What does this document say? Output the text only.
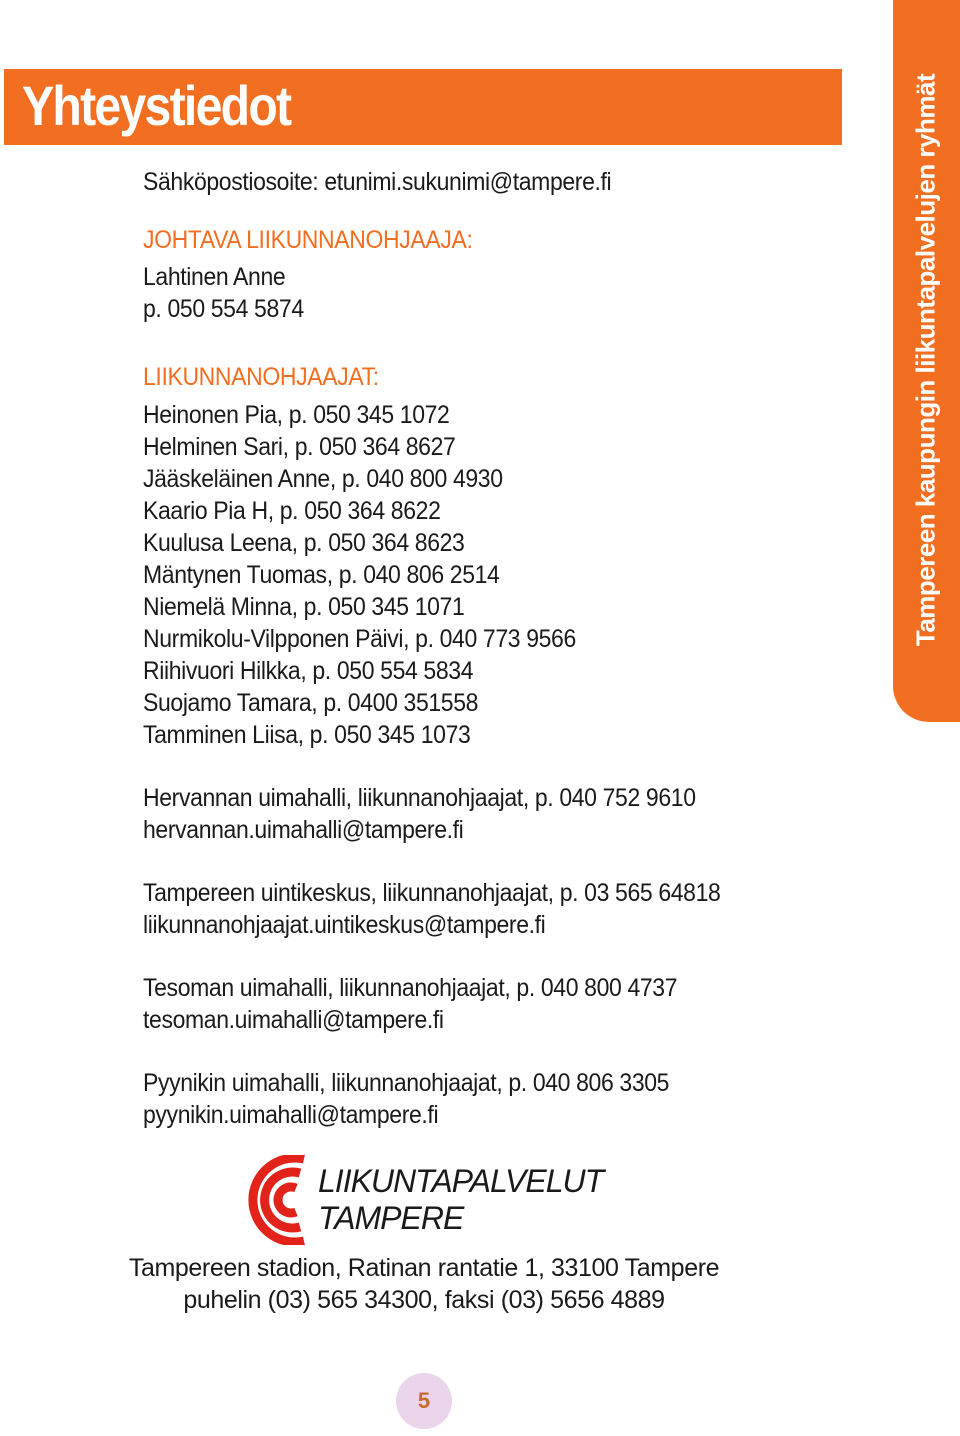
Yhteystiedot	Tampereen kaupungin liikuntapalvelujen ryhmät
Sähköpostiosoite: etunimi.sukunimi@tampere.fi
JOHTAVA LIIKUNNANOHJAAJA:
Lahtinen Anne
p. 050 554 5874
LIIKUNNANOHJAAJAT:
Heinonen Pia, p. 050 345 1072
Helminen Sari, p. 050 364 8627
Jääskeläinen Anne, p. 040 800 4930
Kaario Pia H, p. 050 364 8622
Kuulusa Leena, p. 050 364 8623
Mäntynen Tuomas, p. 040 806 2514
Niemelä Minna, p. 050 345 1071
Nurmikolu-Vilpponen Päivi, p. 040 773 9566
Riihivuori Hilkka, p. 050 554 5834
Suojamo Tamara, p. 0400 351558
Tamminen Liisa, p. 050 345 1073
Hervannan uimahalli, liikunnanohjaajat, p. 040 752 9610
hervannan.uimahalli@tampere.fi
Tampereen uintikeskus, liikunnanohjaajat, p. 03 565 64818
liikunnanohjaajat.uintikeskus@tampere.fi
Tesoman uimahalli, liikunnanohjaajat, p. 040 800 4737
tesoman.uimahalli@tampere.fi
Pyynikin uimahalli, liikunnanohjaajat, p. 040 806 3305
pyynikin.uimahalli@tampere.fi
LIIKUNTAPALVELUT
TAMPERE
Tampereen stadion, Ratinan rantatie 1, 33100 Tampere
puhelin (03) 565 34300, faksi (03) 5656 4889
5
